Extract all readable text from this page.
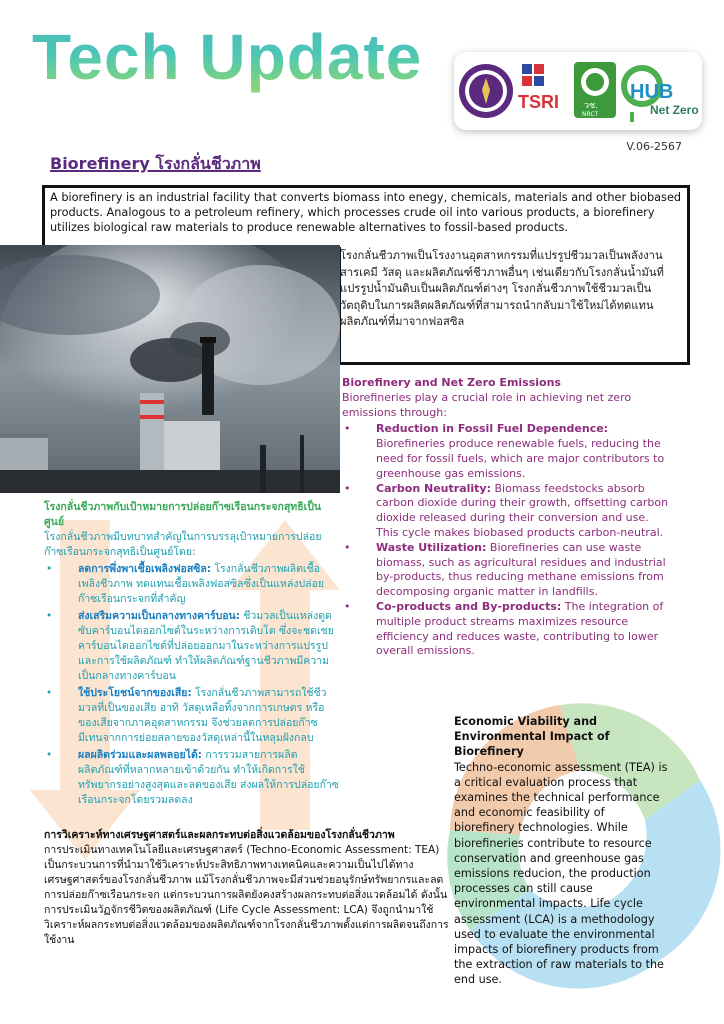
Tech Update
TSRI	วช.
NRCT
HUB
Net Zero
V.06-2567
Biorefinery โรงกลั่นชีวภาพ

A biorefinery is an industrial facility that converts biomass into enegy, chemicals, materials and other biobased products. Analogous to a petroleum refinery, which processes crude oil into various products, a biorefinery utilizes biological raw materials to produce renewable alternatives to fossil-based products.

โรงกลั่นชีวภาพเป็นโรงงานอุตสาหกรรมที่แปรรูปชีวมวลเป็นพลังงาน สารเคมี วัสดุ และผลิตภัณฑ์ชีวภาพอื่นๆ เช่นเดียวกับโรงกลั่นน้ำมันที่แปรรูปน้ำมันดิบเป็นผลิตภัณฑ์ต่างๆ โรงกลั่นชีวภาพใช้ชีวมวลเป็นวัตถุดิบในการผลิตผลิตภัณฑ์ที่สามารถนำกลับมาใช้ใหม่ได้ทดแทนผลิตภัณฑ์ที่มาจากฟอสซิล

Biorefinery and Net Zero Emissions
Biorefineries play a crucial role in achieving net zero emissions through:
• Reduction in Fossil Fuel Dependence: Biorefineries produce renewable fuels, reducing the need for fossil fuels, which are major contributors to greenhouse gas emissions.
• Carbon Neutrality: Biomass feedstocks absorb carbon dioxide during their growth, offsetting carbon dioxide released during their conversion and use. This cycle makes biobased products carbon-neutral.
• Waste Utilization: Biorefineries can use waste biomass, such as agricultural residues and industrial by-products, thus reducing methane emissions from decomposing organic matter in landfills.
• Co-products and By-products: The integration of multiple product streams maximizes resource efficiency and reduces waste, contributing to lower overall emissions.
โรงกลั่นชีวภาพกับเป้าหมายการปล่อยก๊าซเรือนกระจกสุทธิเป็นศูนย์
โรงกลั่นชีวภาพมีบทบาทสำคัญในการบรรลุเป้าหมายการปล่อยก๊าซเรือนกระจกสุทธิเป็นศูนย์โดย:
• ลดการพึ่งพาเชื้อเพลิงฟอสซิล: โรงกลั่นชีวภาพผลิตเชื้อเพลิงชีวภาพ ทดแทนเชื้อเพลิงฟอสซิลซึ่งเป็นแหล่งปล่อยก๊าซเรือนกระจกที่สำคัญ
• ส่งเสริมความเป็นกลางทางคาร์บอน: ชีวมวลเป็นแหล่งดูดซับคาร์บอนไดออกไซด์ในระหว่างการเติบโต ซึ่งจะชดเชยคาร์บอนไดออกไซด์ที่ปล่อยออกมาในระหว่างการแปรรูปและการใช้ผลิตภัณฑ์ ทำให้ผลิตภัณฑ์ฐานชีวภาพมีความเป็นกลางทางคาร์บอน
• ใช้ประโยชน์จากของเสีย: โรงกลั่นชีวภาพสามารถใช้ชีวมวลที่เป็นของเสีย อาทิ วัสดุเหลือทิ้งจากการเกษตร หรือของเสียจากภาคอุตสาหกรรม จึงช่วยลดการปล่อยก๊าซมีเทนจากการย่อยสลายของวัสดุเหล่านี้ในหลุมฝังกลบ
• ผลผลิตร่วมและผลพลอยได้: การรวมสายการผลิตผลิตภัณฑ์ที่หลากหลายเข้าด้วยกัน ทำให้เกิดการใช้ทรัพยากรอย่างสูงสุดและลดของเสีย ส่งผลให้การปล่อยก๊าซเรือนกระจกโดยรวมลดลง
Economic Viability and Environmental Impact of Biorefinery
Techno-economic assessment (TEA) is a critical evaluation process that examines the technical performance and economic feasibility of biorefinery technologies. While biorefineries contribute to resource conservation and greenhouse gas emissions reducion, the production processes can still cause environmental impacts. Life cycle assessment (LCA) is a methodology used to evaluate the environmental impacts of biorefinery products from the extraction of raw materials to the end use.
การวิเคราะห์ทางเศรษฐศาสตร์และผลกระทบต่อสิ่งแวดล้อมของโรงกลั่นชีวภาพ
การประเมินทางเทคโนโลยีและเศรษฐศาสตร์ (Techno-Economic Assessment: TEA) เป็นกระบวนการที่นำมาใช้วิเคราะห์ประสิทธิภาพทางเทคนิคและความเป็นไปได้ทางเศรษฐศาสตร์ของโรงกลั่นชีวภาพ แม้โรงกลั่นชีวภาพจะมีส่วนช่วยอนุรักษ์ทรัพยากรและลดการปล่อยก๊าซเรือนกระจก แต่กระบวนการผลิตยังคงสร้างผลกระทบต่อสิ่งแวดล้อมได้ ดังนั้นการประเมินวัฏจักรชีวิตของผลิตภัณฑ์ (Life Cycle Assessment: LCA) จึงถูกนำมาใช้วิเคราะห์ผลกระทบต่อสิ่งแวดล้อมของผลิตภัณฑ์จากโรงกลั่นชีวภาพตั้งแต่การผลิตจนถึงการใช้งาน
